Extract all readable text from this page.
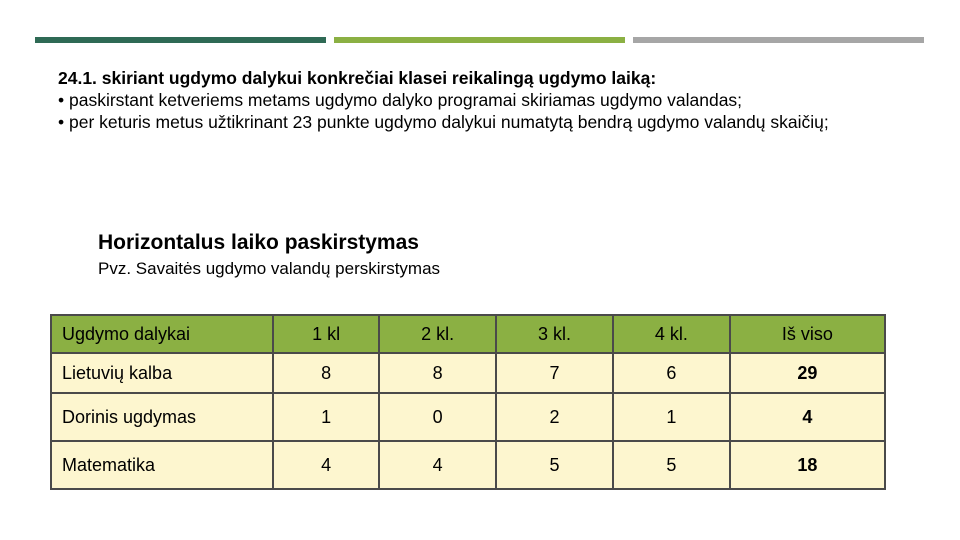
24.1. skiriant ugdymo dalykui konkrečiai klasei reikalingą ugdymo laiką:
• paskirstant ketveriems metams ugdymo dalyko programai skiriamas ugdymo valandas;
• per keturis metus užtikrinant 23 punkte ugdymo dalykui numatytą bendrą ugdymo valandų skaičių;
Horizontalus laiko paskirstymas
Pvz. Savaitės ugdymo valandų perskirstymas
Ugdymo dalykai	1 kl	2 kl.	3 kl.	4 kl.	Iš viso
Lietuvių kalba	8	8	7	6	29
Dorinis ugdymas	1	0	2	1	4
Matematika	4	4	5	5	18
